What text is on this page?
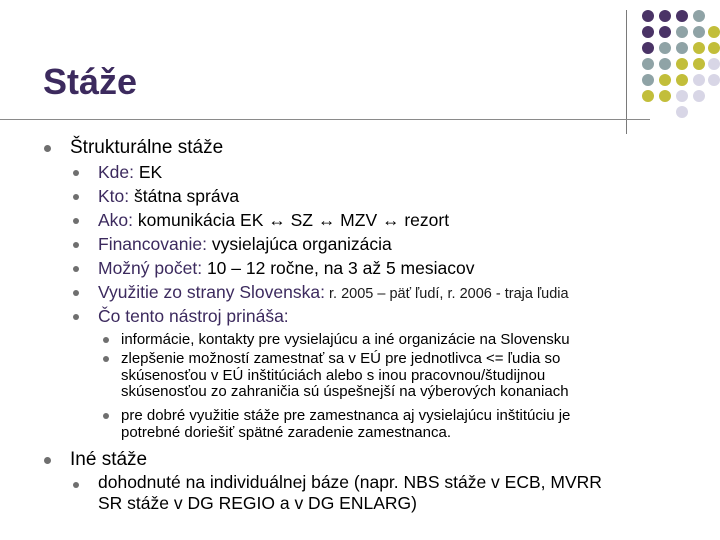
Stáže
Štrukturálne stáže
Kde: EK
Kto: štátna správa
Ako: komunikácia EK ↔ SZ ↔ MZV ↔ rezort
Financovanie: vysielajúca organizácia
Možný počet: 10 – 12 ročne, na 3 až 5 mesiacov
Využitie zo strany Slovenska: r. 2005 – päť ľudí, r. 2006 - traja ľudia
Čo tento nástroj prináša:
informácie, kontakty pre vysielajúcu a iné organizácie na Slovensku
zlepšenie možností zamestnať sa v EÚ pre jednotlivca <= ľudia so
skúsenosťou v EÚ inštitúciách alebo s inou pracovnou/študijnou
skúsenosťou zo zahraničia sú úspešnejší na výberových konaniach
pre dobré využitie stáže pre zamestnanca aj vysielajúcu inštitúciu je
potrebné doriešiť spätné zaradenie zamestnanca.
Iné stáže
dohodnuté na individuálnej báze (napr. NBS stáže v ECB, MVRR
SR stáže v DG REGIO a v DG ENLARG)
